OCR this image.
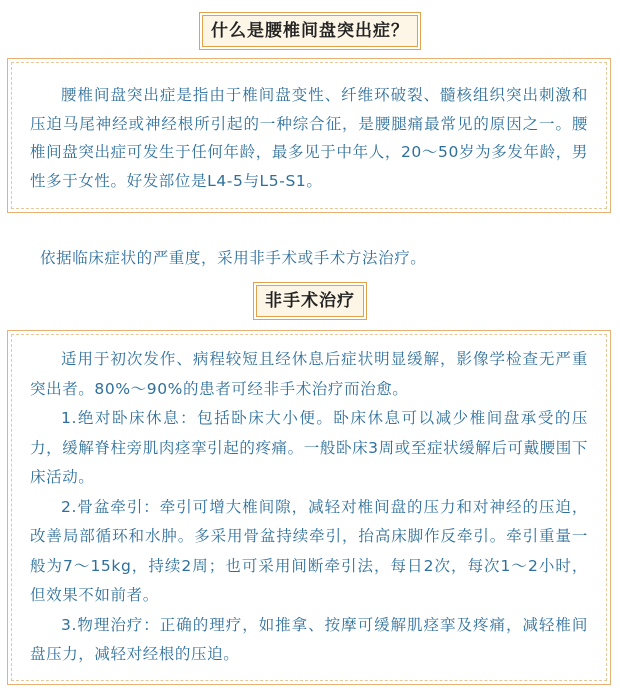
什么是腰椎间盘突出症？

腰椎间盘突出症是指由于椎间盘变性、纤维环破裂、髓核组织突出刺激和压迫马尾神经或神经根所引起的一种综合征，是腰腿痛最常见的原因之一。腰椎间盘突出症可发生于任何年龄，最多见于中年人，20～50岁为多发年龄，男性多于女性。好发部位是L4-5与L5-S1。

依据临床症状的严重度，采用非手术或手术方法治疗。
非手术治疗

适用于初次发作、病程较短且经休息后症状明显缓解，影像学检查无严重突出者。80%～90%的患者可经非手术治疗而治愈。

1.绝对卧床休息：包括卧床大小便。卧床休息可以减少椎间盘承受的压力，缓解脊柱旁肌肉痉挛引起的疼痛。一般卧床3周或至症状缓解后可戴腰围下床活动。

2.骨盆牵引：牵引可增大椎间隙，减轻对椎间盘的压力和对神经的压迫，改善局部循环和水肿。多采用骨盆持续牵引，抬高床脚作反牵引。牵引重量一般为7～15kg，持续2周；也可采用间断牵引法，每日2次，每次1～2小时，但效果不如前者。

3.物理治疗：正确的理疗，如推拿、按摩可缓解肌痉挛及疼痛，减轻椎间盘压力，减轻对经根的压迫。
